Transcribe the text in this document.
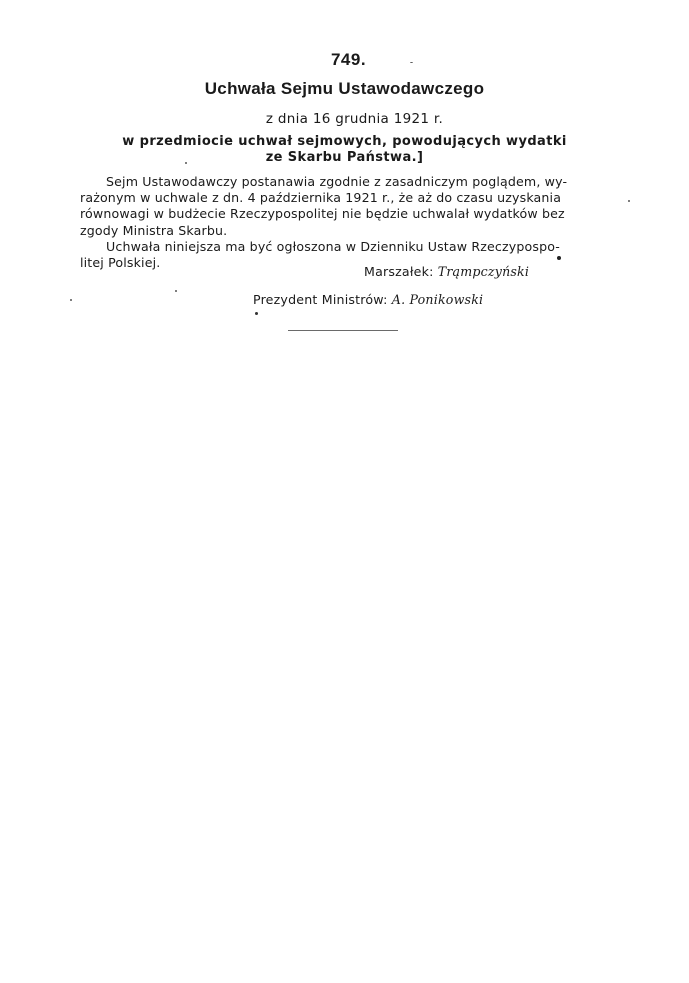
749.
Uchwała Sejmu Ustawodawczego
z dnia 16 grudnia 1921 r.
w przedmiocie uchwał sejmowych, powodujących wydatki
ze Skarbu Państwa.]

Sejm Ustawodawczy postanawia zgodnie z zasadniczym poglądem, wy-
rażonym w uchwale z dn. 4 października 1921 r., że aż do czasu uzyskania
równowagi w budżecie Rzeczypospolitej nie będzie uchwalał wydatków bez
zgody Ministra Skarbu.

Uchwała niniejsza ma być ogłoszona w Dzienniku Ustaw Rzeczypospo-
litej Polskiej.

Marszałek: Trąmpczyński
Prezydent Ministrów: A. Ponikowski
